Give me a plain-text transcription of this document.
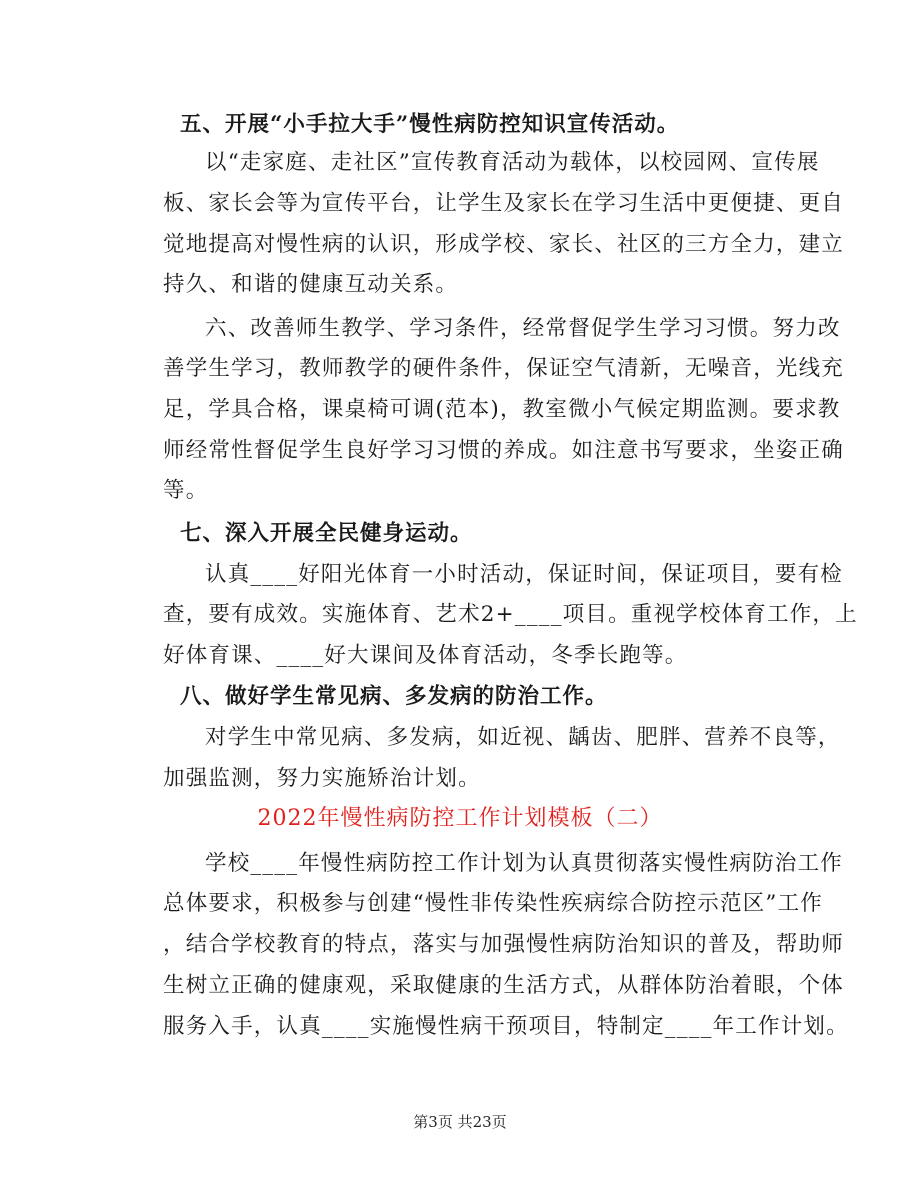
五、开展“小手拉大手”慢性病防控知识宣传活动。
以“走家庭、走社区”宣传教育活动为载体，以校园网、宣传展
板、家长会等为宣传平台，让学生及家长在学习生活中更便捷、更自
觉地提高对慢性病的认识，形成学校、家长、社区的三方全力，建立
持久、和谐的健康互动关系。
六、改善师生教学、学习条件，经常督促学生学习习惯。努力改
善学生学习，教师教学的硬件条件，保证空气清新，无噪音，光线充
足，学具合格，课桌椅可调(范本)，教室微小气候定期监测。要求教
师经常性督促学生良好学习习惯的养成。如注意书写要求，坐姿正确
等。
七、深入开展全民健身运动。
认真____好阳光体育一小时活动，保证时间，保证项目，要有检
查，要有成效。实施体育、艺术2+____项目。重视学校体育工作，上
好体育课、____好大课间及体育活动，冬季长跑等。
八、做好学生常见病、多发病的防治工作。
对学生中常见病、多发病，如近视、龋齿、肥胖、营养不良等，
加强监测，努力实施矫治计划。
2022年慢性病防控工作计划模板（二）
学校____年慢性病防控工作计划为认真贯彻落实慢性病防治工作
总体要求，积极参与创建“慢性非传染性疾病综合防控示范区”工作
，结合学校教育的特点，落实与加强慢性病防治知识的普及，帮助师
生树立正确的健康观，采取健康的生活方式，从群体防治着眼，个体
服务入手，认真____实施慢性病干预项目，特制定____年工作计划。
第3页 共23页
